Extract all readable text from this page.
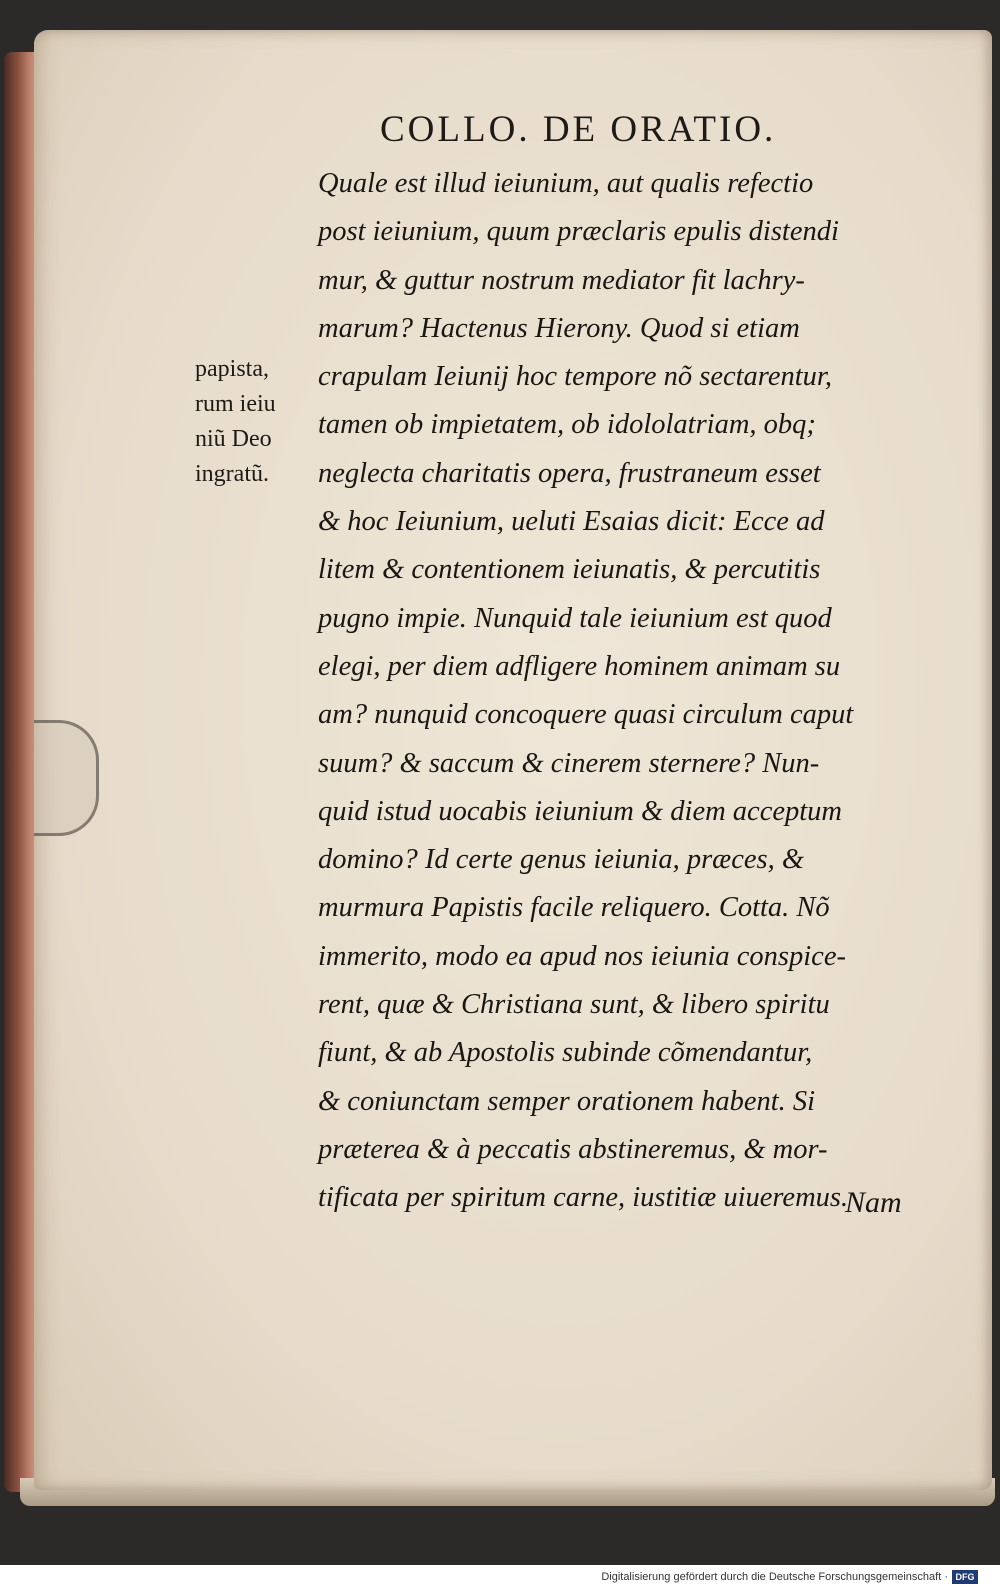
COLLO. DE ORATIO.
papista,
rum ieiu
niũ Deo
ingratũ.
Quale est illud ieiunium, aut qualis refectio
post ieiunium, quum præclaris epulis distendi
mur, & guttur nostrum mediator fit lachry-
marum? Hactenus Hierony. Quod si etiam
crapulam Ieiunij hoc tempore nõ sectarentur,
tamen ob impietatem, ob idololatriam, obq;
neglecta charitatis opera, frustraneum esset
& hoc Ieiunium, ueluti Esaias dicit: Ecce ad
litem & contentionem ieiunatis, & percutitis
pugno impie. Nunquid tale ieiunium est quod
elegi, per diem adfligere hominem animam su
am? nunquid concoquere quasi circulum caput
suum? & saccum & cinerem sternere? Nun-
quid istud uocabis ieiunium & diem acceptum
domino? Id certe genus ieiunia, præces, &
murmura Papistis facile reliquero. Cotta. Nõ
immerito, modo ea apud nos ieiunia conspice-
rent, quæ & Christiana sunt, & libero spiritu
fiunt, & ab Apostolis subinde cõmendantur,
& coniunctam semper orationem habent. Si
præterea & à peccatis abstineremus, & mor-
tificata per spiritum carne, iustitiæ uiueremus.
Nam
Digitalisierung gefördert durch die Deutsche Forschungsgemeinschaft · DFG
